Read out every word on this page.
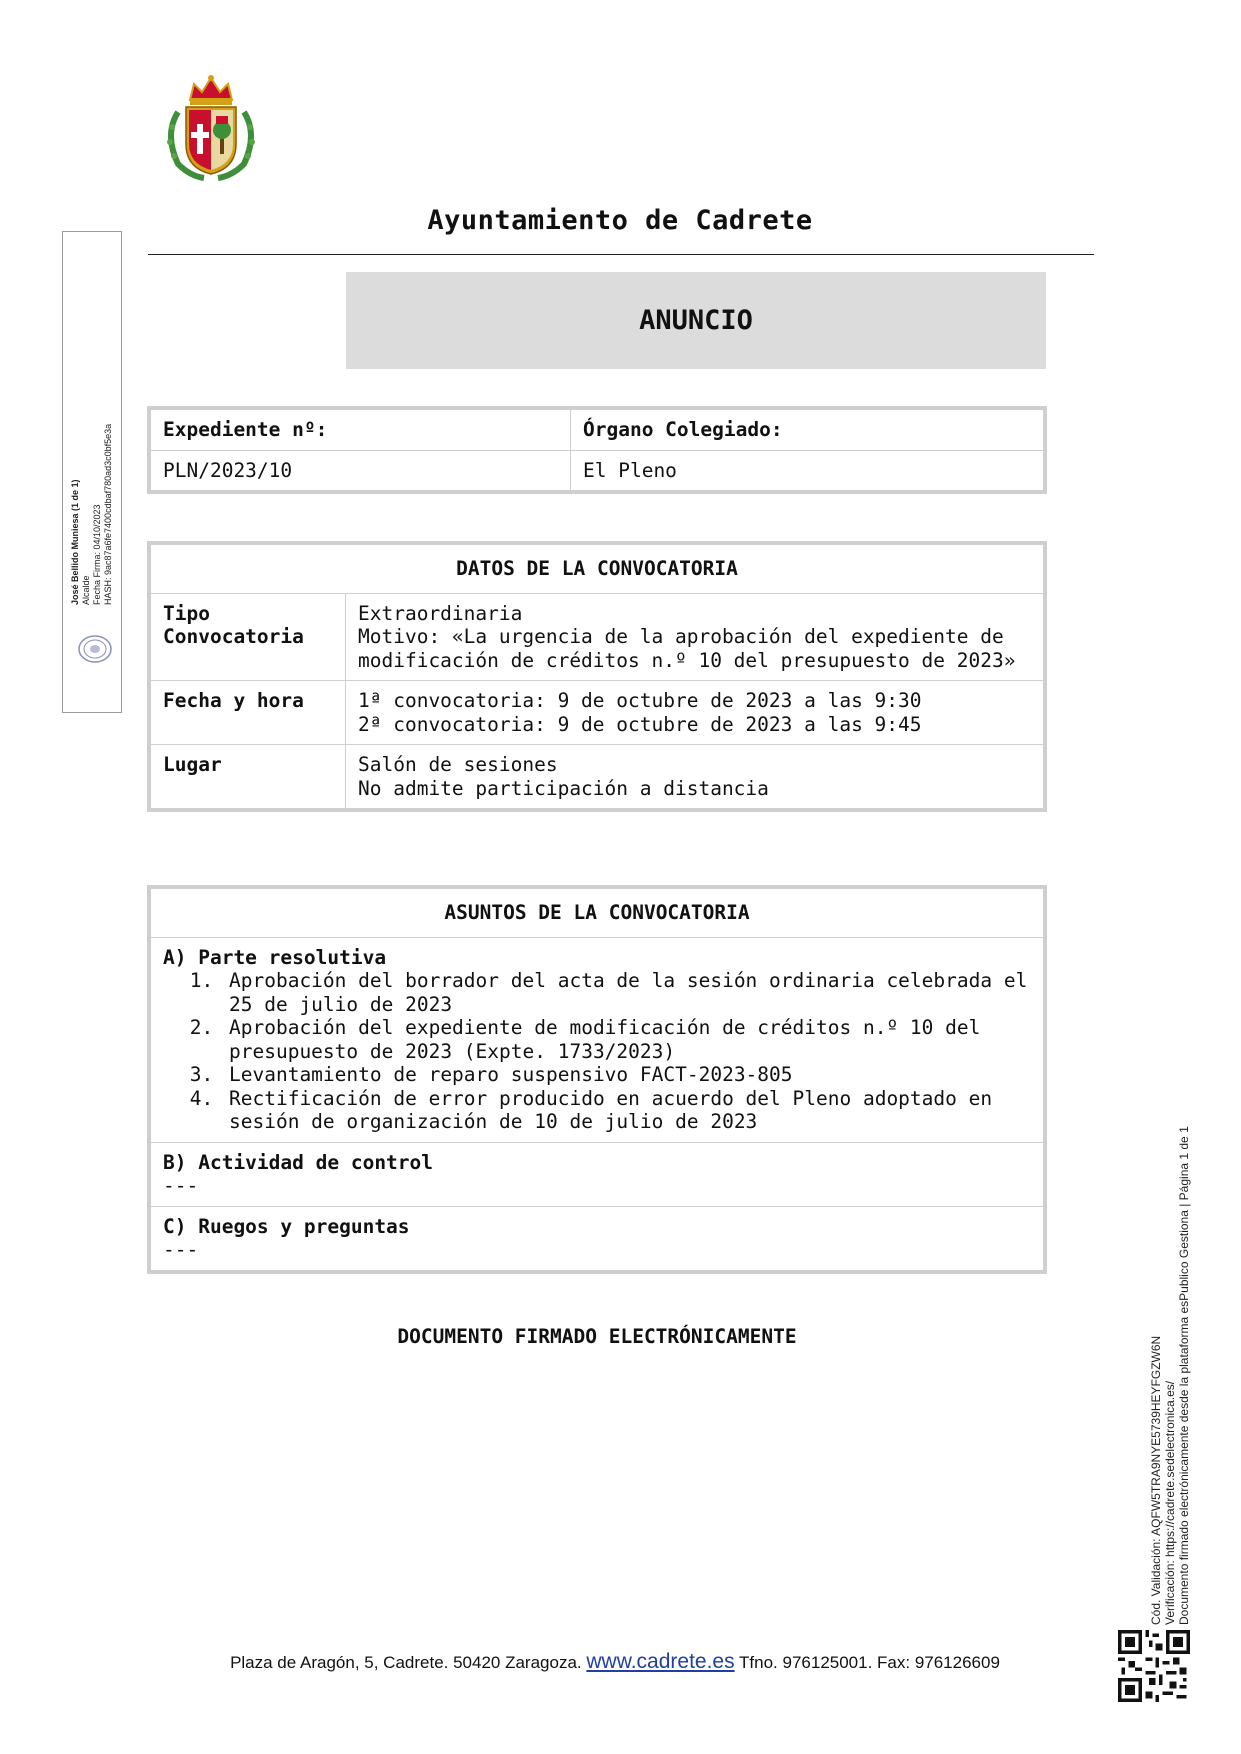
Ayuntamiento de Cadrete
ANUNCIO
Expediente nº:	Órgano Colegiado:
PLN/2023/10	El Pleno
DATOS DE LA CONVOCATORIA	
Tipo Convocatoria	Extraordinaria
Motivo: «La urgencia de la aprobación del expediente de modificación de créditos n.º 10 del presupuesto de 2023»

Fecha y hora	1ª convocatoria: 9 de octubre de 2023 a las 9:30
2ª convocatoria: 9 de octubre de 2023 a las 9:45

Lugar	Salón de sesiones
No admite participación a distancia
ASUNTOS DE LA CONVOCATORIA

A) Parte resolutiva
1. Aprobación del borrador del acta de la sesión ordinaria celebrada el 25 de julio de 2023
2. Aprobación del expediente de modificación de créditos n.º 10 del presupuesto de 2023 (Expte. 1733/2023)
3. Levantamiento de reparo suspensivo FACT-2023-805
4. Rectificación de error producido en acuerdo del Pleno adoptado en sesión de organización de 10 de julio de 2023

B) Actividad de control
---

C) Ruegos y preguntas
---
DOCUMENTO FIRMADO ELECTRÓNICAMENTE
Plaza de Aragón, 5, Cadrete. 50420 Zaragoza. www.cadrete.es Tfno. 976125001. Fax: 976126609
José Bellido Muniesa (1 de 1) Alcalde Fecha Firma: 04/10/2023 HASH: 9ac87a6fe7400cdbaf780ad3c0bf5e3a
Cód. Validación: AQFW5TRA9NYE5739HEYFGZW6N Verificación: https://cadrete.sedelectronica.es/ Documento firmado electrónicamente desde la plataforma esPublico Gestiona | Página 1 de 1
